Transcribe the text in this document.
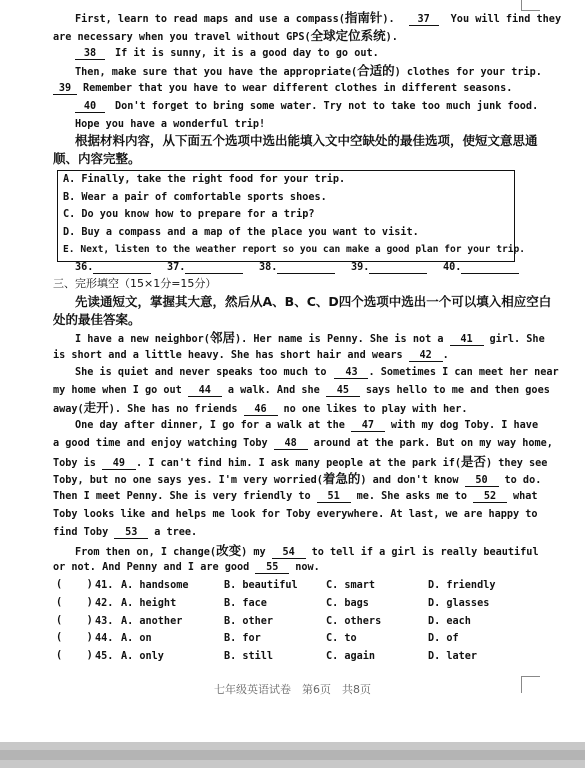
First, learn to read maps and use a compass(指南针). 37 You will find they
are necessary when you travel without GPS(全球定位系统).
38 If it is sunny, it is a good day to go out.
Then, make sure that you have the appropriate(合适的) clothes for your trip.
39 Remember that you have to wear different clothes in different seasons.
40 Don't forget to bring some water. Try not to take too much junk food.
Hope you have a wonderful trip!
根据材料内容，从下面五个选项中选出能填入文中空缺处的最佳选项，使短文意思通
顺、内容完整。
A. Finally, take the right food for your trip.
B. Wear a pair of comfortable sports shoes.
C. Do you know how to prepare for a trip?
D. Buy a compass and a map of the place you want to visit.
E. Next, listen to the weather report so you can make a good plan for your trip.
36.	37.	38.	39.	40.
三、完形填空（15×1分=15分）
先读通短文，掌握其大意，然后从A、B、C、D四个选项中选出一个可以填入相应空白
处的最佳答案。
I have a new neighbor(邻居). Her name is Penny. She is not a 41 girl. She
is short and a little heavy. She has short hair and wears 42 .
She is quiet and never speaks too much to 43 . Sometimes I can meet her near
my home when I go out 44 a walk. And she 45 says hello to me and then goes
away(走开). She has no friends 46 no one likes to play with her.
One day after dinner, I go for a walk at the 47 with my dog Toby. I have
a good time and enjoy watching Toby 48 around at the park. But on my way home,
Toby is 49 . I can't find him. I ask many people at the park if(是否) they see
Toby, but no one says yes. I'm very worried(着急的) and don't know 50 to do.
Then I meet Penny. She is very friendly to 51 me. She asks me to 52 what
Toby looks like and helps me look for Toby everywhere. At last, we are happy to
find Toby 53 a tree.
From then on, I change(改变) my 54 to tell if a girl is really beautiful
or not. And Penny and I are good 55 now.
(    ) 41. A. handsome	B. beautiful	C. smart	D. friendly
(    ) 42. A. height	B. face	C. bags	D. glasses
(    ) 43. A. another	B. other	C. others	D. each
(    ) 44. A. on	B. for	C. to	D. of
(    ) 45. A. only	B. still	C. again	D. later
七年级英语试卷　第6页　共8页
